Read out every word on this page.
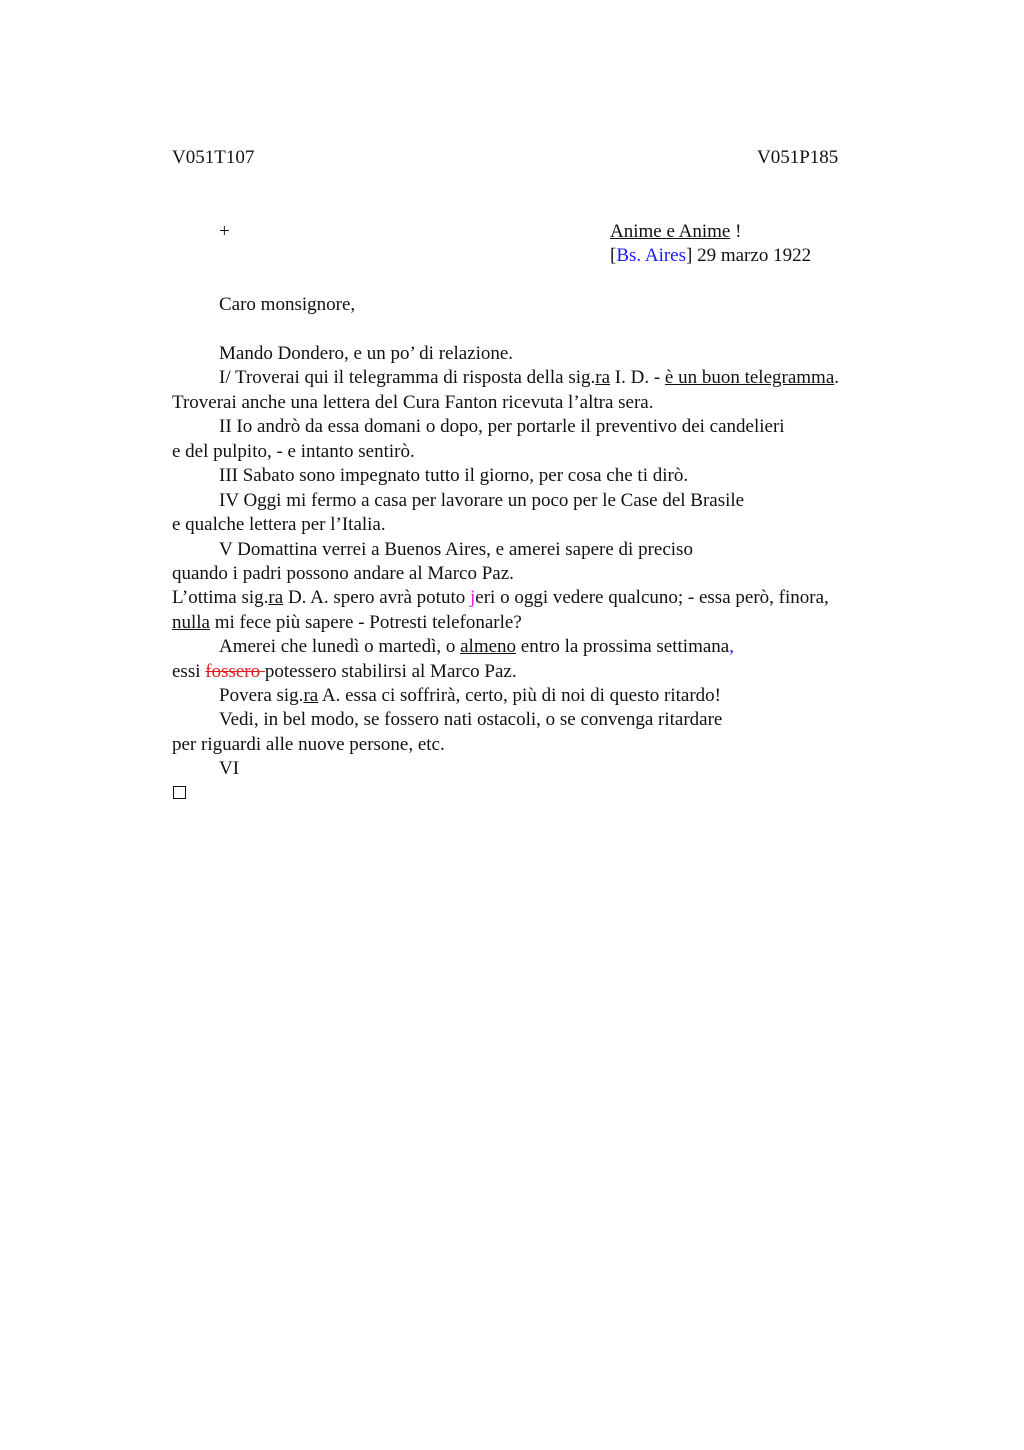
V051T107	V051P185
+	Anime e Anime !
[Bs. Aires] 29 marzo 1922
Caro monsignore,
Mando Dondero, e un po’ di relazione.
I/ Troverai qui il telegramma di risposta della sig.ra I. D. - è un buon telegramma.
Troverai anche una lettera del Cura Fanton ricevuta l’altra sera.
II Io andrò da essa domani o dopo, per portarle il preventivo dei candelieri
e del pulpito, - e intanto sentirò.
III Sabato sono impegnato tutto il giorno, per cosa che ti dirò.
IV Oggi mi fermo a casa per lavorare un poco per le Case del Brasile
e qualche lettera per l’Italia.
V Domattina verrei a Buenos Aires, e amerei sapere di preciso
quando i padri possono andare al Marco Paz.
L’ottima sig.ra D. A. spero avrà potuto jeri o oggi vedere qualcuno; - essa però, finora,
nulla mi fece più sapere - Potresti telefonarle?
Amerei che lunedì o martedì, o almeno entro la prossima settimana,
essi fossero potessero stabilirsi al Marco Paz.
Povera sig.ra A. essa ci soffrirà, certo, più di noi di questo ritardo!
Vedi, in bel modo, se fossero nati ostacoli, o se convenga ritardare
per riguardi alle nuove persone, etc.
VI
